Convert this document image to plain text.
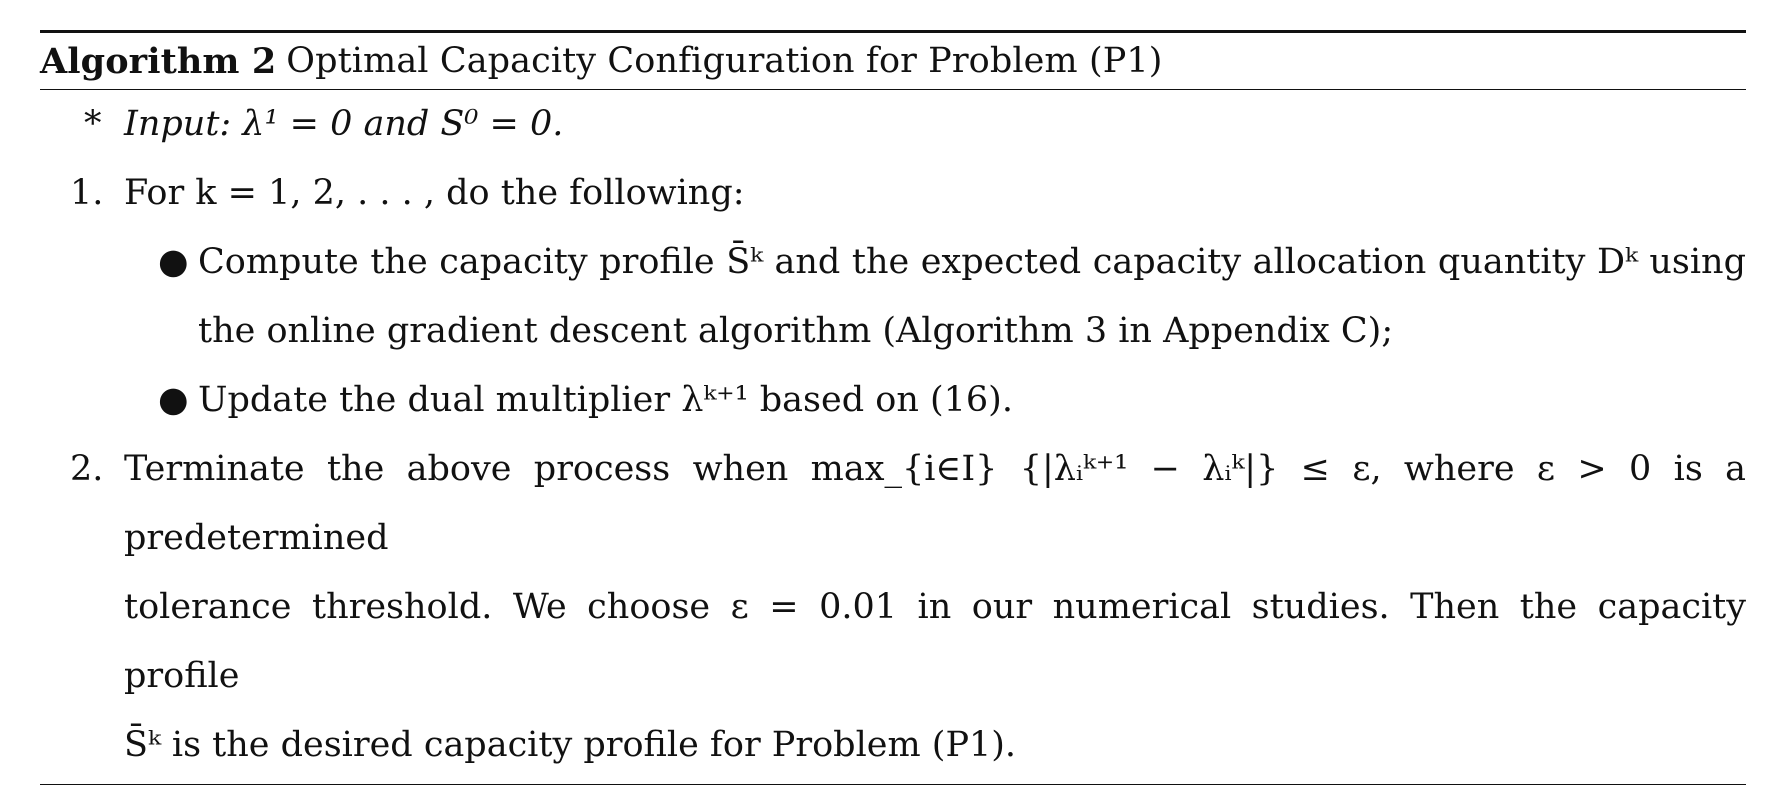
Algorithm 2 Optimal Capacity Configuration for Problem (P1)
* Input: λ¹ = 0 and S⁰ = 0.
1. For k = 1, 2, . . . , do the following:
● Compute the capacity profile S̄ᵏ and the expected capacity allocation quantity Dᵏ using
the online gradient descent algorithm (Algorithm 3 in Appendix C);
● Update the dual multiplier λᵏ⁺¹ based on (16).
2. Terminate the above process when max_{i∈I} {|λᵢᵏ⁺¹ − λᵢᵏ|} ≤ ε, where ε > 0 is a predetermined
tolerance threshold. We choose ε = 0.01 in our numerical studies. Then the capacity profile
S̄ᵏ is the desired capacity profile for Problem (P1).
